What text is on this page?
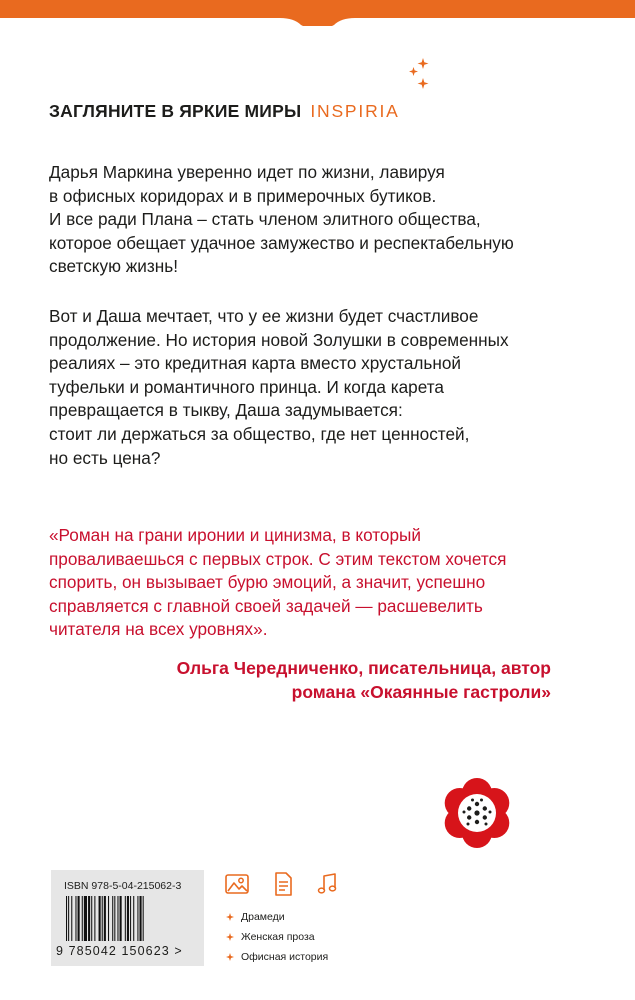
ЗАГЛЯНИТЕ В ЯРКИЕ МИРЫ INSPIRIA
Дарья Маркина уверенно идет по жизни, лавируя
в офисных коридорах и в примерочных бутиков.
И все ради Плана – стать членом элитного общества,
которое обещает удачное замужество и респектабельную
светскую жизнь!
Вот и Даша мечтает, что у ее жизни будет счастливое
продолжение. Но история новой Золушки в современных
реалиях – это кредитная карта вместо хрустальной
туфельки и романтичного принца. И когда карета
превращается в тыкву, Даша задумывается:
стоит ли держаться за общество, где нет ценностей,
но есть цена?
«Роман на грани иронии и цинизма, в который
проваливаешься с первых строк. С этим текстом хочется
спорить, он вызывает бурю эмоций, а значит, успешно
справляется с главной своей задачей — расшевелить
читателя на всех уровнях».
Ольга Чередниченко, писательница, автор
романа «Окаянные гастроли»
ISBN 978-5-04-215062-3
9 785042 150623 >
Драмеди
Женская проза
Офисная история
